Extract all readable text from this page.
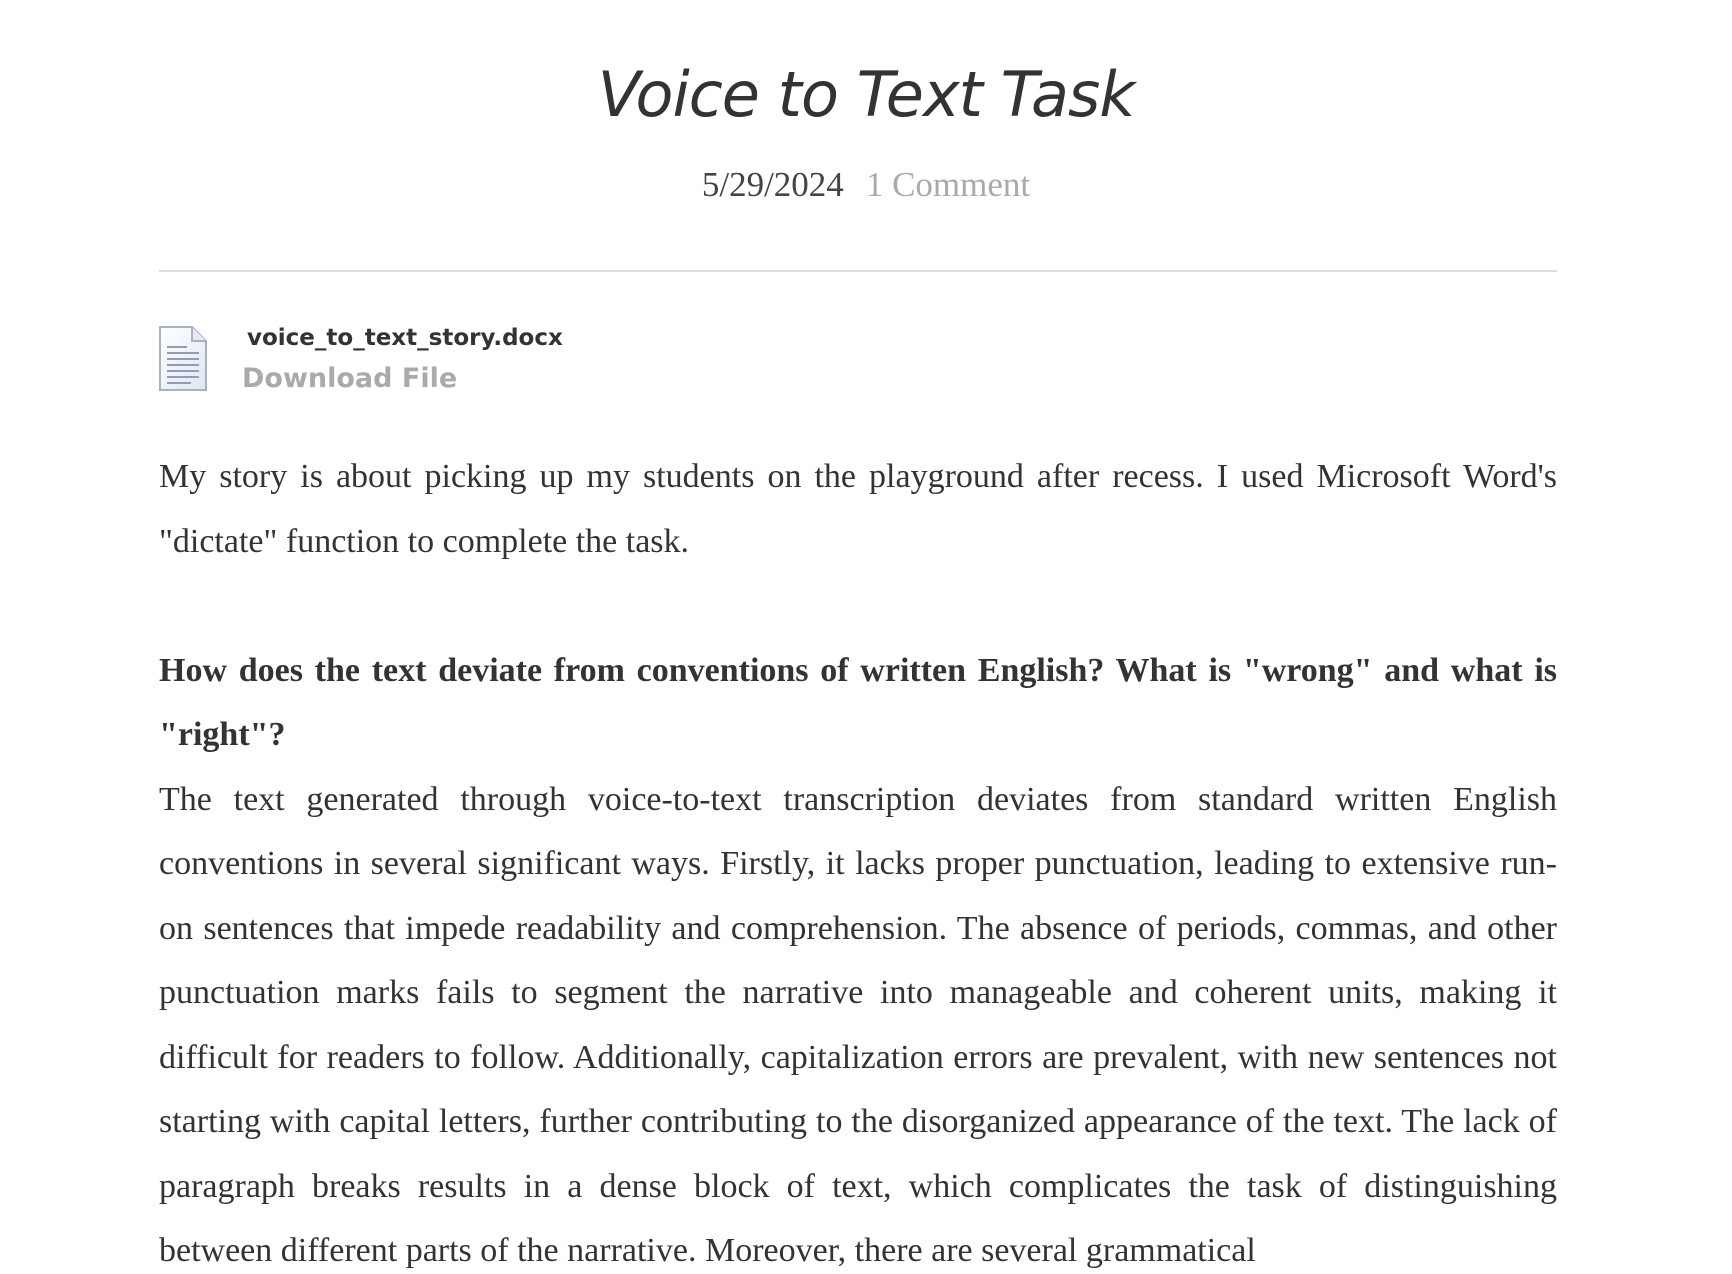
Voice to Text Task
5/29/2024 1 Comment
voice_to_text_story.docx
Download File

My story is about picking up my students on the playground after recess. I used Microsoft Word's "dictate" function to complete the task.

How does the text deviate from conventions of written English? What is "wrong" and what is "right"?

The text generated through voice-to-text transcription deviates from standard written English conventions in several significant ways. Firstly, it lacks proper punctuation, leading to extensive run-on sentences that impede readability and comprehension. The absence of periods, commas, and other punctuation marks fails to segment the narrative into manageable and coherent units, making it difficult for readers to follow. Additionally, capitalization errors are prevalent, with new sentences not starting with capital letters, further contributing to the disorganized appearance of the text. The lack of paragraph breaks results in a dense block of text, which complicates the task of distinguishing between different parts of the narrative. Moreover, there are several grammatical
